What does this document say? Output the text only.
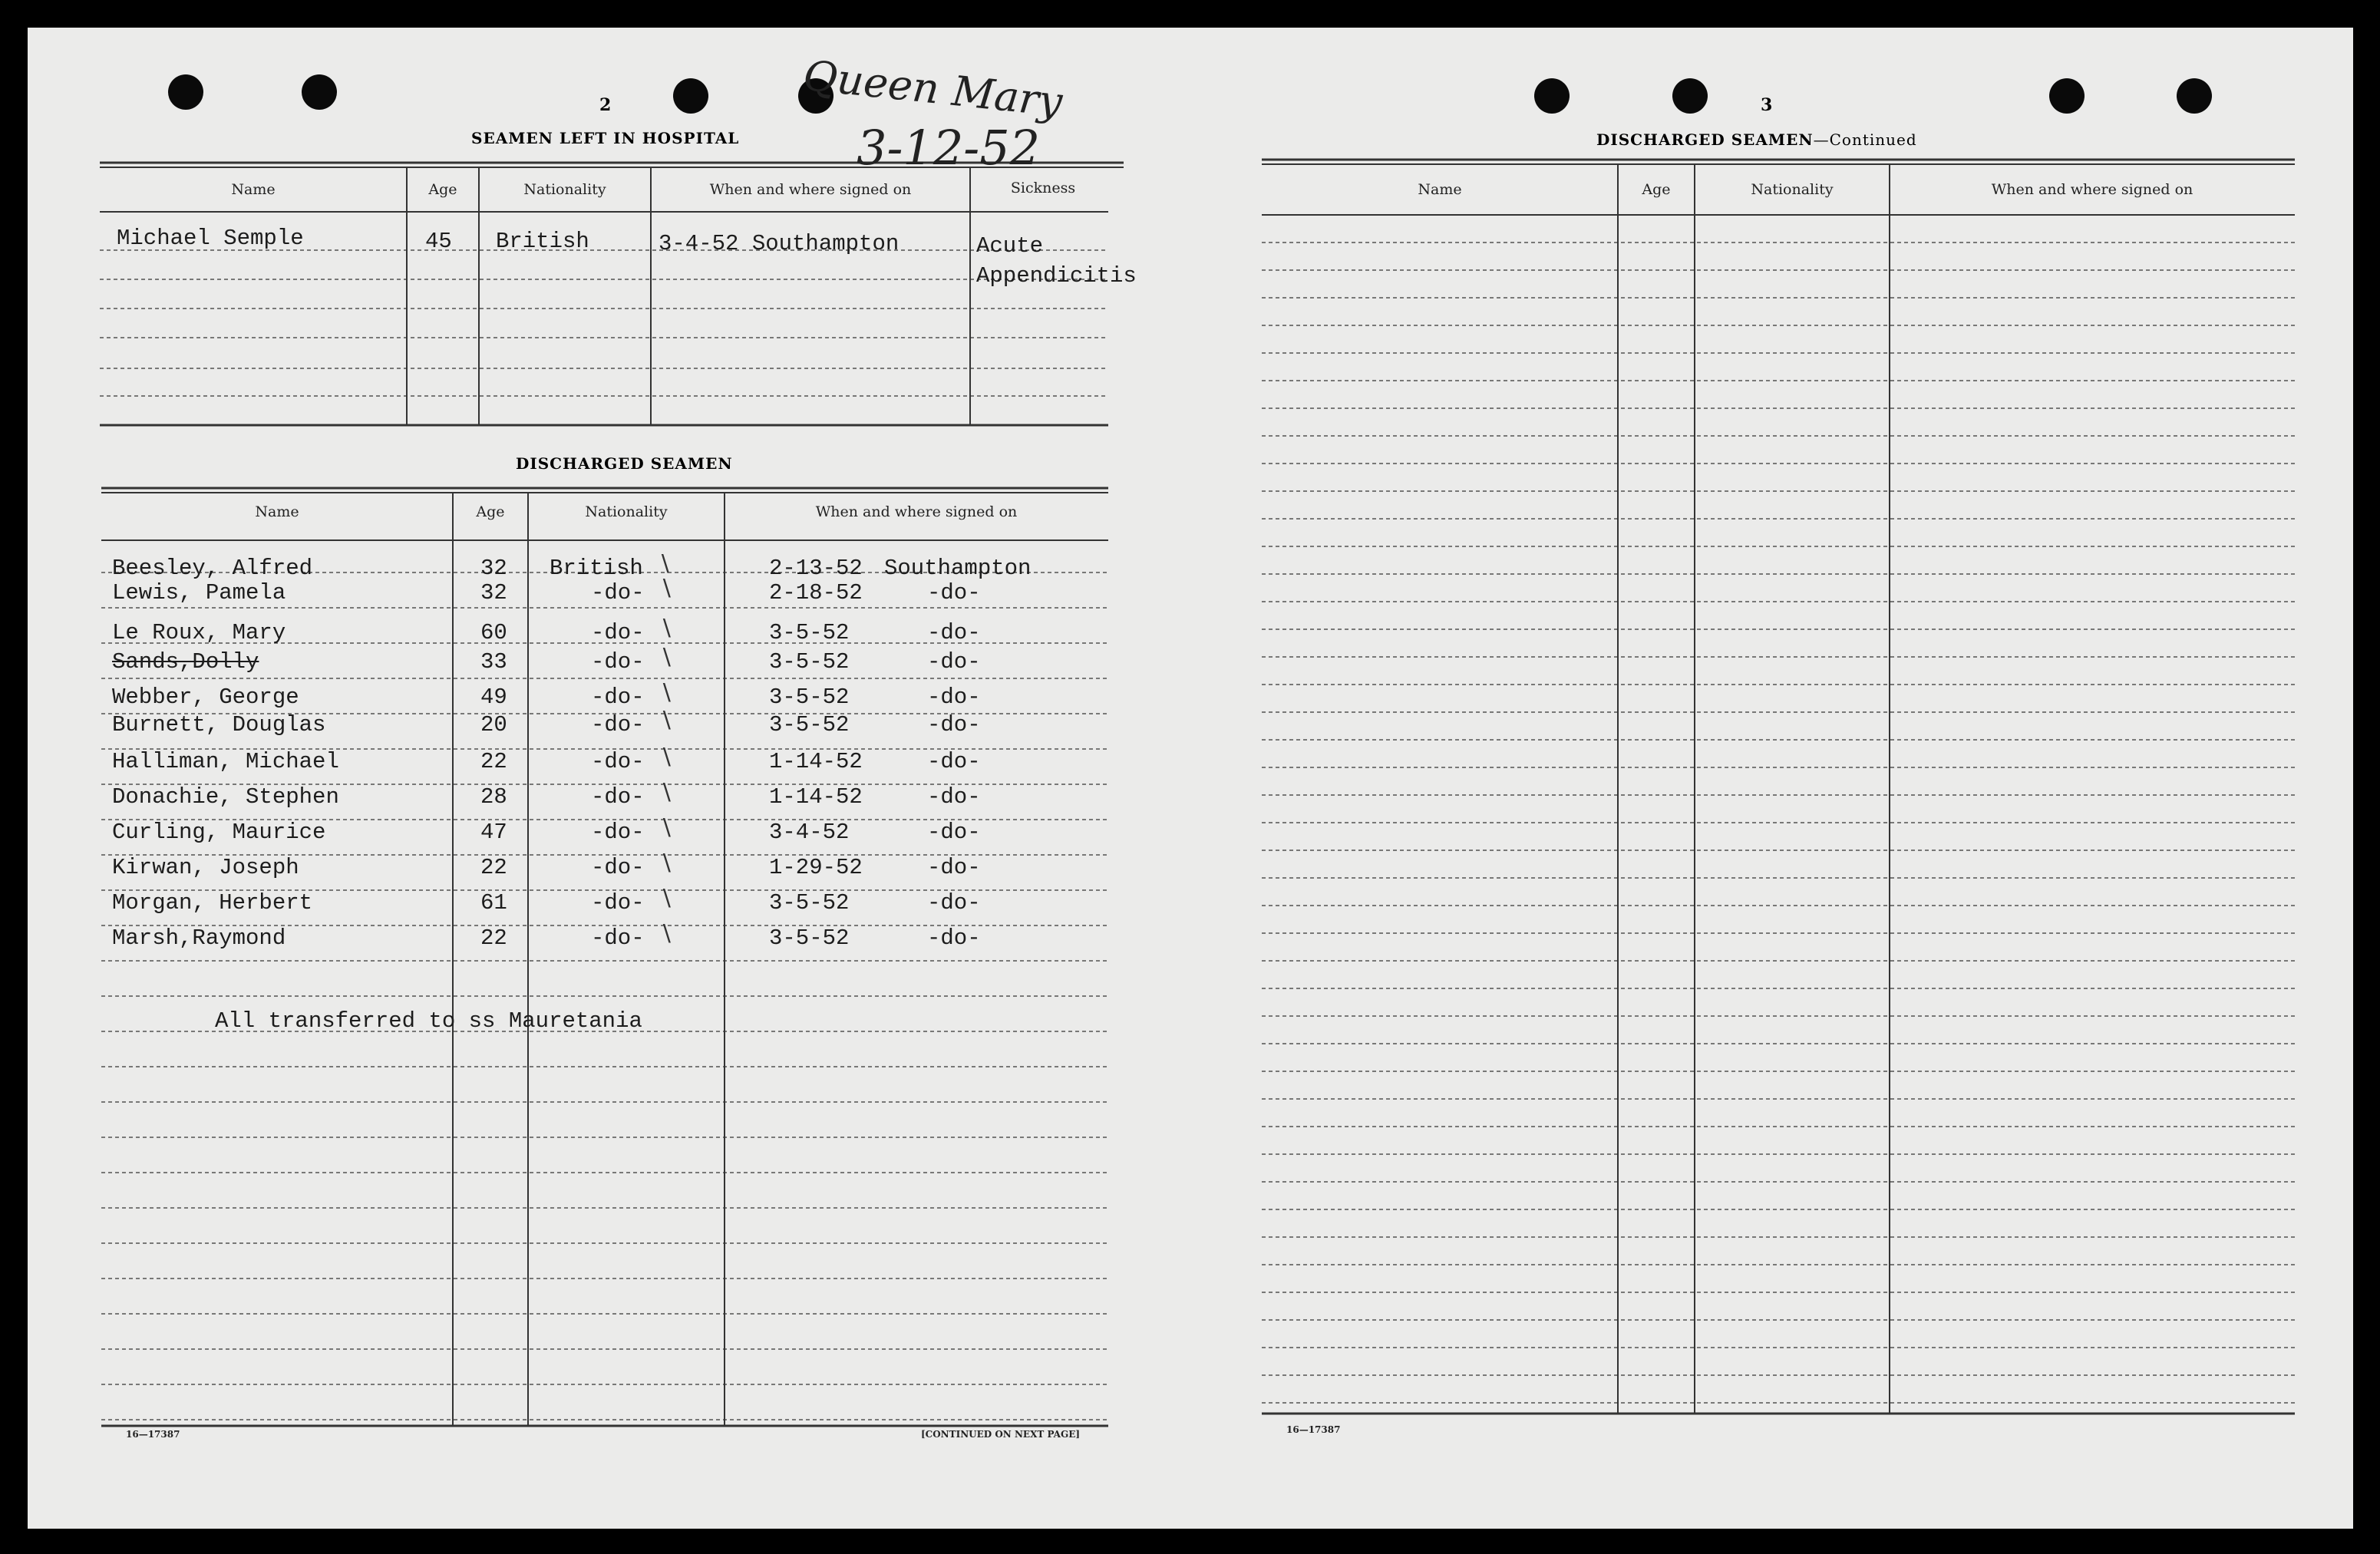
Queen Mary
3-12-52
2
SEAMEN LEFT IN HOSPITAL
Name	Age	Nationality	When and where signed on	Sickness
Michael Semple	45 British	3-4-52 Southampton	Acute
Appendicitis
DISCHARGED SEAMEN
Name	Age	Nationality	When and where signed on
Beesley, Alfred	32 British	2-13-52 Southampton
∖
Lewis, Pamela	32	-do-	2-18-52	-do-
∖
Le Roux, Mary	60	-do-	3-5-52	-do-
∖
Sands,Dolly	33	-do-	3-5-52	-do-
∖
Webber, George	49	-do-	3-5-52	-do-
∖
Burnett, Douglas	20	-do-	3-5-52	-do-
∖
Halliman, Michael	22	-do-	1-14-52	-do-
∖
Donachie, Stephen	28	-do-	1-14-52	-do-
∖
Curling, Maurice	47	-do-	3-4-52	-do-
∖
Kirwan, Joseph	22	-do-	1-29-52	-do-
∖
Morgan, Herbert	61	-do-	3-5-52	-do-
∖
Marsh,Raymond	22	-do-	3-5-52	-do-
∖
All transferred to ss Mauretania
16—17387	[CONTINUED ON NEXT PAGE]
3
DISCHARGED SEAMEN—Continued
Name	Age	Nationality	When and where signed on
16—17387
